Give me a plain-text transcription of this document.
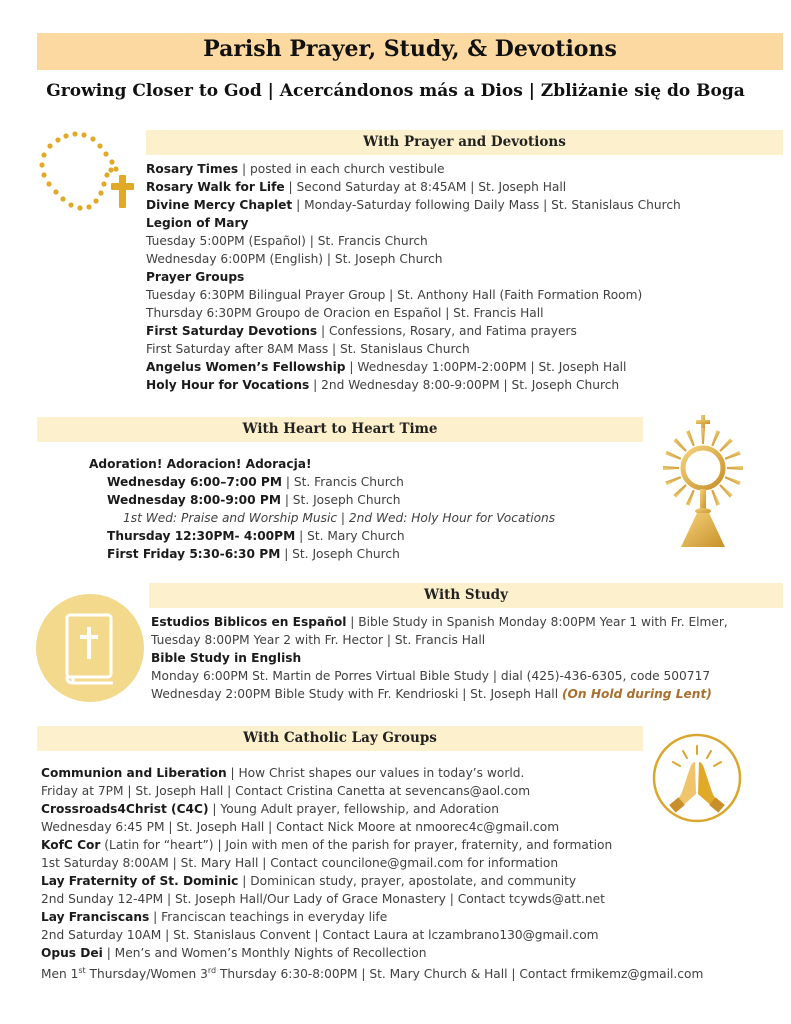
Parish Prayer, Study, & Devotions
Growing Closer to God | Acercándonos más a Dios | Zbliżanie się do Boga
With Prayer and Devotions
Rosary Times | posted in each church vestibule
Rosary Walk for Life | Second Saturday at 8:45AM | St. Joseph Hall
Divine Mercy Chaplet | Monday-Saturday following Daily Mass | St. Stanislaus Church
Legion of Mary
Tuesday 5:00PM (Español) | St. Francis Church
Wednesday 6:00PM (English) | St. Joseph Church
Prayer Groups
Tuesday 6:30PM Bilingual Prayer Group | St. Anthony Hall (Faith Formation Room)
Thursday 6:30PM Groupo de Oracion en Español | St. Francis Hall
First Saturday Devotions | Confessions, Rosary, and Fatima prayers
First Saturday after 8AM Mass | St. Stanislaus Church
Angelus Women’s Fellowship | Wednesday 1:00PM-2:00PM | St. Joseph Hall
Holy Hour for Vocations | 2nd Wednesday 8:00-9:00PM | St. Joseph Church
With Heart to Heart Time
Adoration! Adoracion! Adoracja!
Wednesday 6:00–7:00 PM | St. Francis Church
Wednesday 8:00-9:00 PM | St. Joseph Church
1st Wed: Praise and Worship Music | 2nd Wed: Holy Hour for Vocations
Thursday 12:30PM- 4:00PM | St. Mary Church
First Friday 5:30-6:30 PM | St. Joseph Church
With Study
Estudios Biblicos en Español | Bible Study in Spanish Monday 8:00PM Year 1 with Fr. Elmer,
Tuesday 8:00PM Year 2 with Fr. Hector | St. Francis Hall
Bible Study in English
Monday 6:00PM St. Martin de Porres Virtual Bible Study | dial (425)-436-6305, code 500717
Wednesday 2:00PM Bible Study with Fr. Kendrioski | St. Joseph Hall (On Hold during Lent)
With Catholic Lay Groups
Communion and Liberation | How Christ shapes our values in today’s world.
Friday at 7PM | St. Joseph Hall | Contact Cristina Canetta at sevencans@aol.com
Crossroads4Christ (C4C) | Young Adult prayer, fellowship, and Adoration
Wednesday 6:45 PM | St. Joseph Hall | Contact Nick Moore at nmoorec4c@gmail.com
KofC Cor (Latin for “heart”) | Join with men of the parish for prayer, fraternity, and formation
1st Saturday 8:00AM | St. Mary Hall | Contact councilone@gmail.com for information
Lay Fraternity of St. Dominic | Dominican study, prayer, apostolate, and community
2nd Sunday 12-4PM | St. Joseph Hall/Our Lady of Grace Monastery | Contact tcywds@att.net
Lay Franciscans | Franciscan teachings in everyday life
2nd Saturday 10AM | St. Stanislaus Convent | Contact Laura at lczambrano130@gmail.com
Opus Dei | Men’s and Women’s Monthly Nights of Recollection
Men 1st Thursday/Women 3rd Thursday 6:30-8:00PM | St. Mary Church & Hall | Contact frmikemz@gmail.com
